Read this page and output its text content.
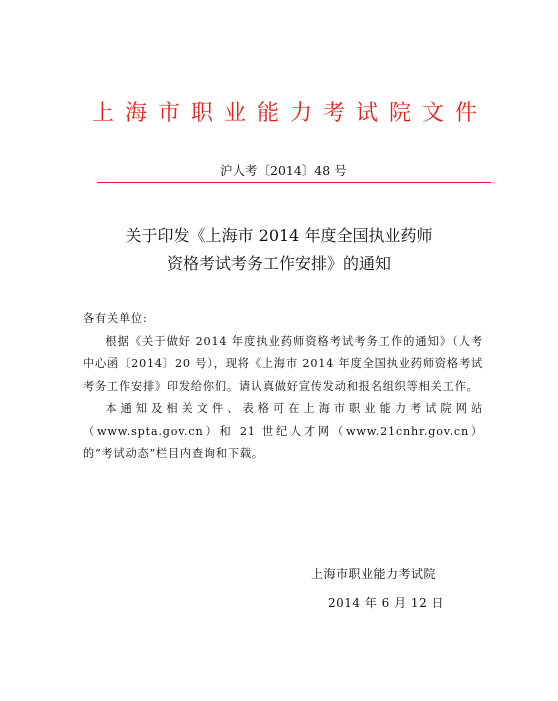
上海市职业能力考试院文件
沪人考〔2014〕48 号
关于印发《上海市 2014 年度全国执业药师
资格考试考务工作安排》的通知

各有关单位:

根据《关于做好 2014 年度执业药师资格考试考务工作的通知》（人考中心函〔2014〕20 号），现将《上海市 2014 年度全国执业药师资格考试考务工作安排》印发给你们。请认真做好宣传发动和报名组织等相关工作。

本通知及相关文件、表格可在上海市职业能力考试院网站（www.spta.gov.cn）和 21 世纪人才网（www.21cnhr.gov.cn）的“考试动态”栏目内查询和下载。

上海市职业能力考试院
2014 年 6 月 12 日
